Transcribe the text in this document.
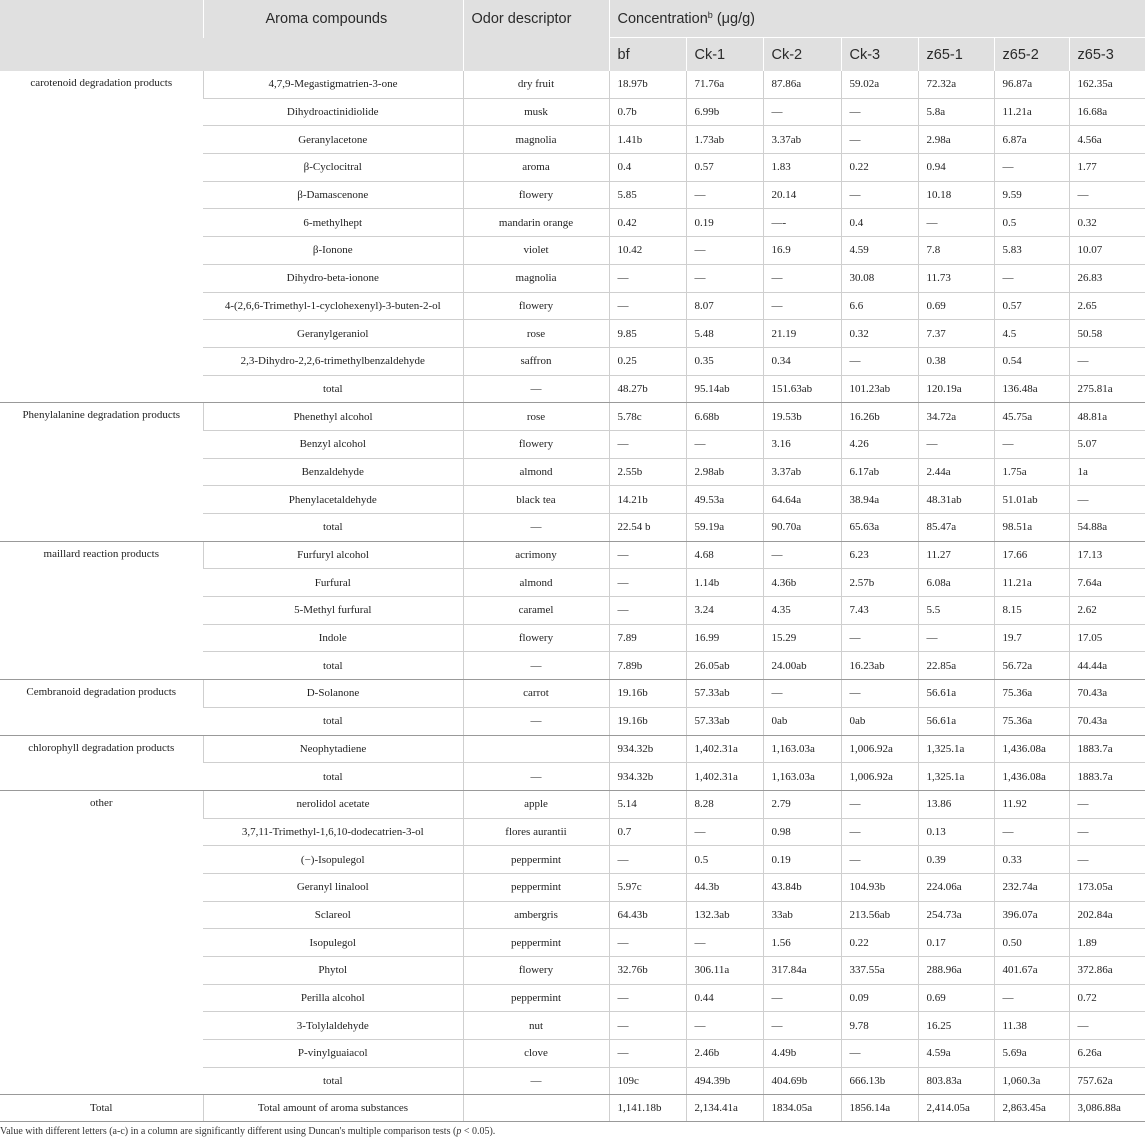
	Aroma compounds	Odor descriptor	Concentration$^b$ (μg/g)						
			bf	Ck-1	Ck-2	Ck-3	z65-1	z65-2	z65-3
carotenoid degradation products	4,7,9-Megastigmatrien-3-one	dry fruit	18.97b	71.76a	87.86a	59.02a	72.32a	96.87a	162.35a
	Dihydroactinidiolide	musk	0.7b	6.99b	—	—	5.8a	11.21a	16.68a
	Geranylacetone	magnolia	1.41b	1.73ab	3.37ab	—	2.98a	6.87a	4.56a
	β-Cyclocitral	aroma	0.4	0.57	1.83	0.22	0.94	—	1.77
	β-Damascenone	flowery	5.85	—	20.14	—	10.18	9.59	—
	6-methylhept	mandarin orange	0.42	0.19	—-	0.4	—	0.5	0.32
	β-Ionone	violet	10.42	—	16.9	4.59	7.8	5.83	10.07
	Dihydro-beta-ionone	magnolia	—	—	—	30.08	11.73	—	26.83
	4-(2,6,6-Trimethyl-1-cyclohexenyl)-3-buten-2-ol	flowery	—	8.07	—	6.6	0.69	0.57	2.65
	Geranylgeraniol	rose	9.85	5.48	21.19	0.32	7.37	4.5	50.58
	2,3-Dihydro-2,2,6-trimethylbenzaldehyde	saffron	0.25	0.35	0.34	—	0.38	0.54	—
	total	—	48.27b	95.14ab	151.63ab	101.23ab	120.19a	136.48a	275.81a
Phenylalanine degradation products	Phenethyl alcohol	rose	5.78c	6.68b	19.53b	16.26b	34.72a	45.75a	48.81a
	Benzyl alcohol	flowery	—	—	3.16	4.26	—	—	5.07
	Benzaldehyde	almond	2.55b	2.98ab	3.37ab	6.17ab	2.44a	1.75a	1a
	Phenylacetaldehyde	black tea	14.21b	49.53a	64.64a	38.94a	48.31ab	51.01ab	—
	total	—	22.54 b	59.19a	90.70a	65.63a	85.47a	98.51a	54.88a
maillard reaction products	Furfuryl alcohol	acrimony	—	4.68	—	6.23	11.27	17.66	17.13
	Furfural	almond	—	1.14b	4.36b	2.57b	6.08a	11.21a	7.64a
	5-Methyl furfural	caramel	—	3.24	4.35	7.43	5.5	8.15	2.62
	Indole	flowery	7.89	16.99	15.29	—	—	19.7	17.05
	total	—	7.89b	26.05ab	24.00ab	16.23ab	22.85a	56.72a	44.44a
Cembranoid degradation products	D-Solanone	carrot	19.16b	57.33ab	—	—	56.61a	75.36a	70.43a
	total	—	19.16b	57.33ab	0ab	0ab	56.61a	75.36a	70.43a
chlorophyll degradation products	Neophytadiene		934.32b	1,402.31a	1,163.03a	1,006.92a	1,325.1a	1,436.08a	1883.7a
	total	—	934.32b	1,402.31a	1,163.03a	1,006.92a	1,325.1a	1,436.08a	1883.7a
other	nerolidol acetate	apple	5.14	8.28	2.79	—	13.86	11.92	—
	3,7,11-Trimethyl-1,6,10-dodecatrien-3-ol	flores aurantii	0.7	—	0.98	—	0.13	—	—
	(−)-Isopulegol	peppermint	—	0.5	0.19	—	0.39	0.33	—
	Geranyl linalool	peppermint	5.97c	44.3b	43.84b	104.93b	224.06a	232.74a	173.05a
	Sclareol	ambergris	64.43b	132.3ab	33ab	213.56ab	254.73a	396.07a	202.84a
	Isopulegol	peppermint	—	—	1.56	0.22	0.17	0.50	1.89
	Phytol	flowery	32.76b	306.11a	317.84a	337.55a	288.96a	401.67a	372.86a
	Perilla alcohol	peppermint	—	0.44	—	0.09	0.69	—	0.72
	3-Tolylaldehyde	nut	—	—	—	9.78	16.25	11.38	—
	P-vinylguaiacol	clove	—	2.46b	4.49b	—	4.59a	5.69a	6.26a
	total	—	109c	494.39b	404.69b	666.13b	803.83a	1,060.3a	757.62a
Total	Total amount of aroma substances		1,141.18b	2,134.41a	1834.05a	1856.14a	2,414.05a	2,863.45a	3,086.88a
Value with different letters (a-c) in a column are significantly different using Duncan's multiple comparison tests (p < 0.05).
